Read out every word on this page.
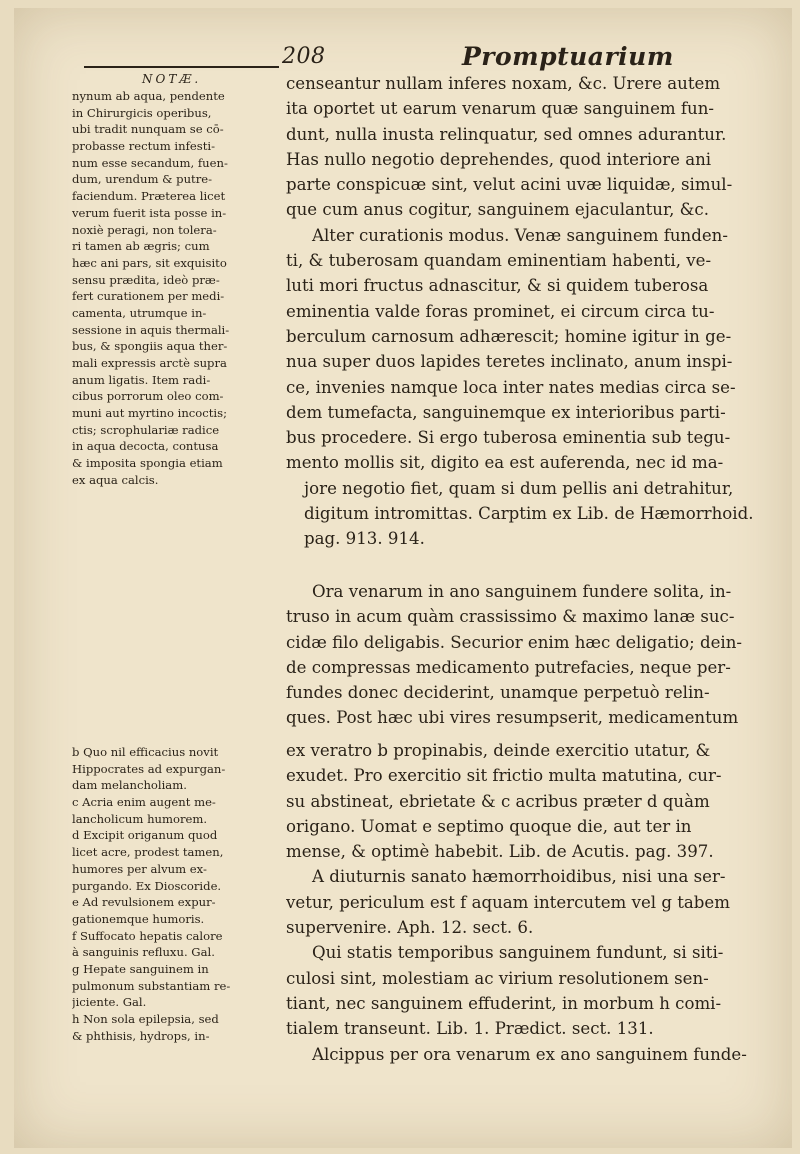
208	Promptuarium
NOTÆ.
nynum ab aqua, pendente
in Chirurgicis operibus,
ubi tradit nunquam se cō-
probasse rectum infesti-
num esse secandum, fuen-
dum, urendum & putre-
faciendum. Præterea licet
verum fuerit ista posse in-
noxiè peragi, non tolera-
ri tamen ab ægris; cum
hæc ani pars, sit exquisito
sensu prædita, ideò præ-
fert curationem per medi-
camenta, utrumque in-
sessione in aquis thermali-
bus, & spongiis aqua ther-
mali expressis arctè supra
anum ligatis. Item radi-
cibus porrorum oleo com-
muni aut myrtino incoctis;
ctis; scrophulariæ radice
in aqua decocta, contusa
& imposita spongia etiam
ex aqua calcis.
b Quo nil efficacius novit
Hippocrates ad expurgan-
dam melancholiam.
c Acria enim augent me-
lancholicum humorem.
d Excipit origanum quod
licet acre, prodest tamen,
humores per alvum ex-
purgando. Ex Dioscoride.
e Ad revulsionem expur-
gationemque humoris.
f Suffocato hepatis calore
à sanguinis refluxu. Gal.
g Hepate sanguinem in
pulmonum substantiam re-
jiciente. Gal.
h Non sola epilepsia, sed
& phthisis, hydrops, in-
censeantur nullam inferes noxam, &c. Urere autem
ita oportet ut earum venarum quæ sanguinem fun-
dunt, nulla inusta relinquatur, sed omnes adurantur.
Has nullo negotio deprehendes, quod interiore ani
parte conspicuæ sint, velut acini uvæ liquidæ, simul-
que cum anus cogitur, sanguinem ejaculantur, &c.
Alter curationis modus. Venæ sanguinem funden-
ti, & tuberosam quandam eminentiam habenti, ve-
luti mori fructus adnascitur, & si quidem tuberosa
eminentia valde foras prominet, ei circum circa tu-
berculum carnosum adhærescit; homine igitur in ge-
nua super duos lapides teretes inclinato, anum inspi-
ce, invenies namque loca inter nates medias circa se-
dem tumefacta, sanguinemque ex interioribus parti-
bus procedere. Si ergo tuberosa eminentia sub tegu-
mento mollis sit, digito ea est auferenda, nec id ma-
jore negotio fiet, quam si dum pellis ani detrahitur,
digitum intromittas. Carptim ex Lib. de Hæmorrhoid.
pag. 913. 914.
Ora venarum in ano sanguinem fundere solita, in-
truso in acum quàm crassissimo & maximo lanæ suc-
cidæ filo deligabis. Securior enim hæc deligatio; dein-
de compressas medicamento putrefacies, neque per-
fundes donec deciderint, unamque perpetuò relin-
ques. Post hæc ubi vires resumpserit, medicamentum
ex veratro b propinabis, deinde exercitio utatur, &
exudet. Pro exercitio sit frictio multa matutina, cur-
su abstineat, ebrietate & c acribus præter d quàm
origano. Uomat e septimo quoque die, aut ter in
mense, & optimè habebit. Lib. de Acutis. pag. 397.
A diuturnis sanato hæmorrhoidibus, nisi una ser-
vetur, periculum est f aquam intercutem vel g tabem
supervenire. Aph. 12. sect. 6.
Qui statis temporibus sanguinem fundunt, si siti-
culosi sint, molestiam ac virium resolutionem sen-
tiant, nec sanguinem effuderint, in morbum h comi-
tialem transeunt. Lib. 1. Prædict. sect. 131.
Alcippus per ora venarum ex ano sanguinem funde-
